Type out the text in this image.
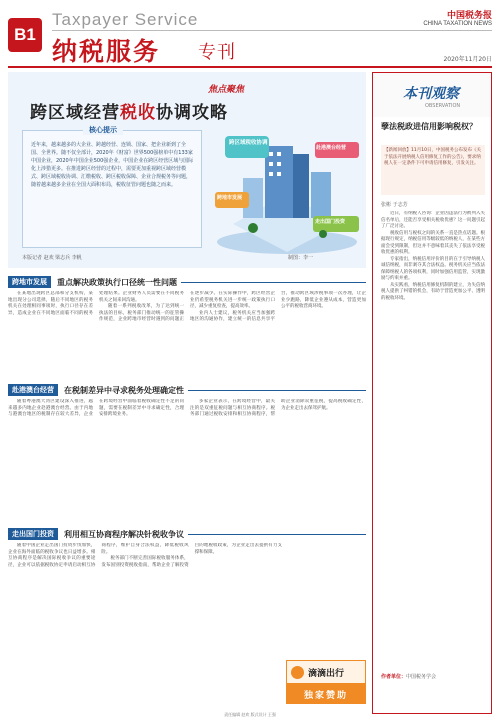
B1
Taxpayer Service
纳税服务 专刊
中国税务报
CHINA TAXATION NEWS
2020年11月20日
焦点聚焦
跨区域经营税收协调攻略
核心提示
近年来，越来越多的大企业、跨越经营、连锁、国家、把企业新到了全国、全世界。随不仅全部计，2020年《财富》世界500强榜单中有133家中国企业，2020年中国企业500强企业，中国企业在跨区经营区域与国际化上涉猎更多。在推进跨区经营的过程中，需要更加重视跨区域经营模式、跨区域税收协调、汇缴税收、跨区税收保障、企业合规税务等问题，随着越来越多企业在全国大面积布局，税收征管问题也随之而来。
跨区域税收协调
跨地市发展
赴港澳台经营
走出国门投资
本版记者 赵欢 梁志兵 李帆	制图：李一
跨地市发展	重点解决政策执行口径统一性问题

在某地出现跨区总部和分支机构，某地出现分公司选择，随后不同地区的税务机关在处理相同事项时，执行口径存在差异，造成企业在不同地区面临不同的税务处理结果。企业财务人员需要在不同税务机关之间来回沟通。

随着一系列税收改革，为了达到统一执法的目标，税务部门推动统一的征管操作规范，企业跨地市经营时遇到的问题正在逐步减少。在实际操作中，跨区经营企业仍希望税务机关进一步统一政策执行口径，减少重复检查，提高效率。

业内人士建议，税务机关应当加强跨地区的沟通协作，建立统一的信息共享平台，推动跨区域涉税事项一次办理，让企业少跑路，降低企业遵从成本，营造更加公平的税收营商环境。

赴港澳台经营	在税制差异中寻求税务处理确定性

随着粤港澳大湾区建设深入推进，越来越多内地企业赴港澳台经营。由于内地与港澳台地区的税制存在较大差异，企业在跨境经营中面临着税收确定性不足的问题，需要在税制差异中寻求确定性，合理安排跨境业务。

多家企业表示，在跨境经营中，最关注的是双重征税问题与相互协商程序。税务部门通过税收安排和相互协商程序，帮助企业消除双重征税，提高税收确定性，为企业走出去保驾护航。

走出国门投资	利用相互协商程序解决针税收争议

随着中国企业走出国门投资步伐加快，企业在海外面临的税收争议也日益增多。相互协商程序是解决国际税收争议的重要途径，企业可以依据税收协定申请启动相互协商程序，维护自身合法权益，降低税收风险。

税务部门不断完善国际税收服务体系，发布国别投资税收指南，帮助企业了解投资目的地税收政策，为企业走出去提供有力支撑和保障。

滴滴出行
独家赞助
本刊观察
OBSERVATION
孽法税政进信用影响税权？
【新闻回放】11月10日，中国税务公布发布《关于依法开展纳税人信用修复工作的公告》，要求纳税人在一定条件下可申请信用修复，引发关注。
张彬 于志芳

近日，有纳税人咨询：企业因违法行为被列入失信名单后，还能否享受相关税收优惠？这一问题引起了广泛讨论。

税收信用与税权之间的关系一直是热点话题。根据现行规定，纳税信用等级较低的纳税人，在某些方面会受到限制，但这并不意味着其丧失了依法享受税收优惠的权利。

专家指出，纳税信用评价的目的在于引导纳税人诚信纳税，而非剥夺其合法权益。税务机关应当依法保障纳税人的各项权利，同时加强信用监管，实现激励与约束并重。

从实践看，纳税信用修复机制的建立，为失信纳税人提供了纠错的机会，有助于营造更加公平、透明的税收环境。

作者单位：中国税务学会
责任编辑 赵欢 版式设计 王强
